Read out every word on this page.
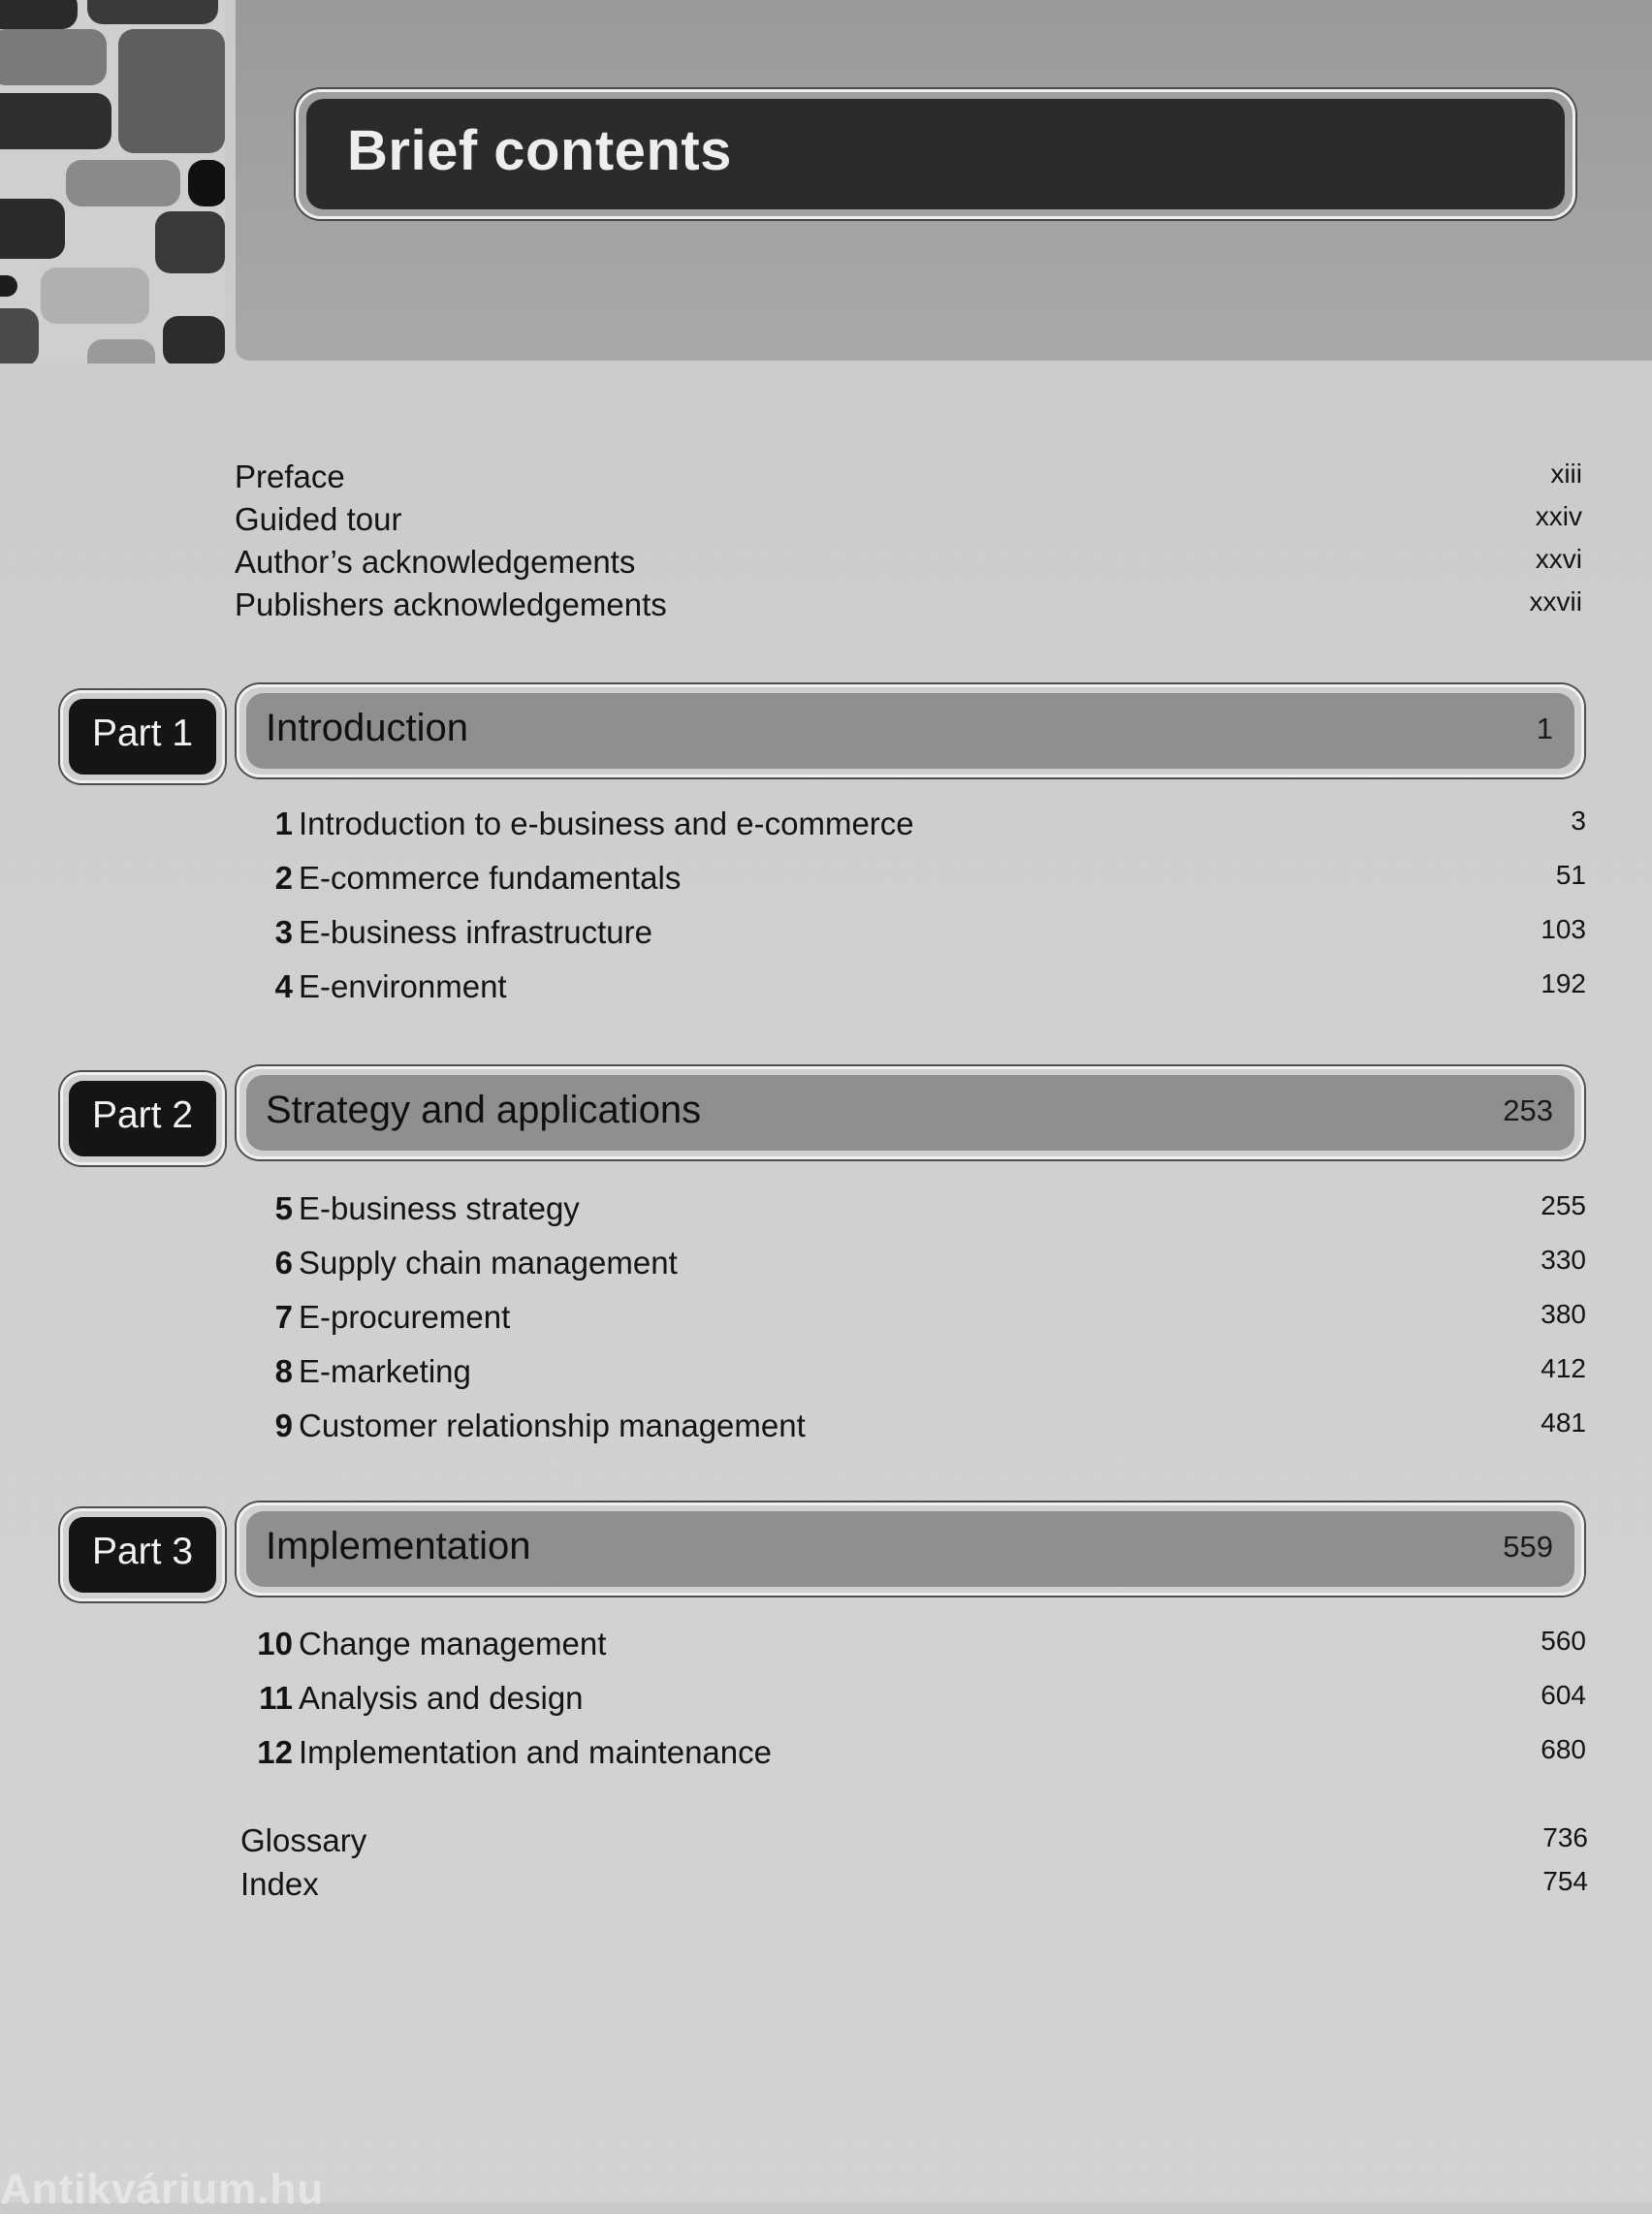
Brief contents
Preface	xiii
Guided tour	xxiv
Author’s acknowledgements	xxvi
Publishers acknowledgements	xxvii
Part 1	Introduction	1
1 Introduction to e-business and e-commerce	3
2 E-commerce fundamentals	51
3 E-business infrastructure	103
4 E-environment	192
Part 2	Strategy and applications	253
5 E-business strategy	255
6 Supply chain management	330
7 E-procurement	380
8 E-marketing	412
9 Customer relationship management	481
Part 3	Implementation	559
10 Change management	560
11 Analysis and design	604
12 Implementation and maintenance	680
Glossary	736
Index	754
Antikvárium.hu
